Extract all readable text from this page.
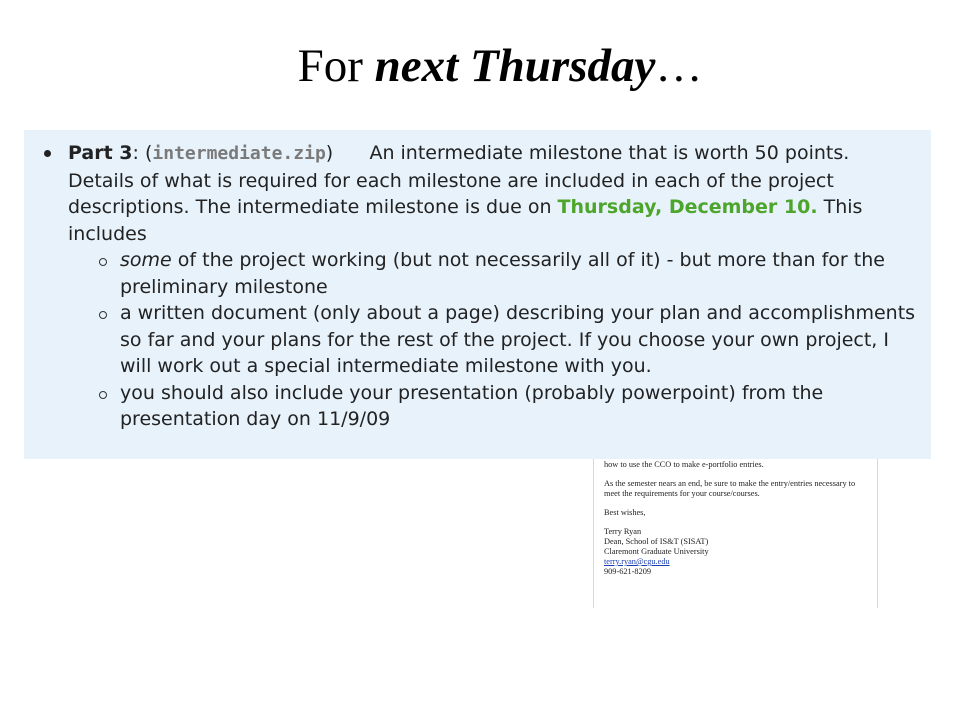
For next Thursday…

how to use the CCO to make e-portfolio entries.

As the semester nears an end, be sure to make the entry/entries necessary to meet the requirements for your course/courses.

Best wishes,

Terry Ryan
Dean, School of IS&T (SISAT)
Claremont Graduate University
terry.ryan@cgu.edu
909-621-8209
Part 3: (intermediate.zip) An intermediate milestone that is worth 50 points. Details of what is required for each milestone are included in each of the project descriptions. The intermediate milestone is due on Thursday, December 10. This includes
some of the project working (but not necessarily all of it) - but more than for the preliminary milestone
a written document (only about a page) describing your plan and accomplishments so far and your plans for the rest of the project. If you choose your own project, I will work out a special intermediate milestone with you.
you should also include your presentation (probably powerpoint) from the presentation day on 11/9/09
